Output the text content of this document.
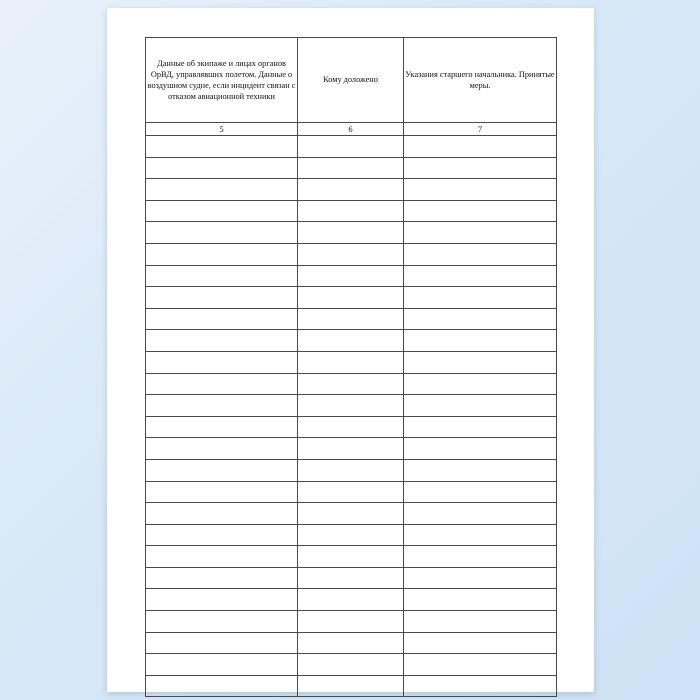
Данные об экипаже и лицах органов ОрВД, управлявших полетом. Данные о воздушном судне, если инцидент связан с отказом авиационной техники	Кому доложено	Указания старшего начальника. Принятые меры.
5	6	7
